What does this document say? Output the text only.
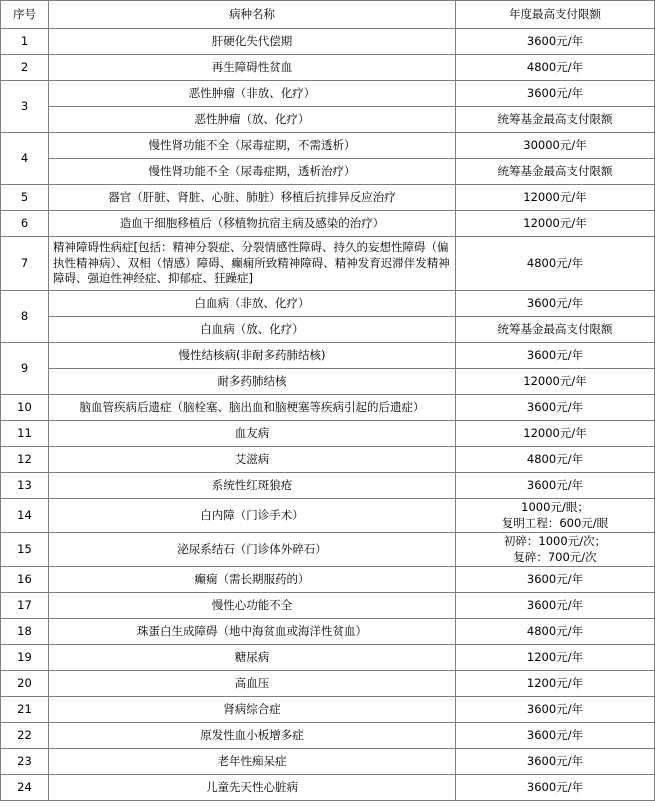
序号	病种名称	年度最高支付限额
1	肝硬化失代偿期	3600元/年
2	再生障碍性贫血	4800元/年
3	恶性肿瘤（非放、化疗）	3600元/年
	恶性肿瘤（放、化疗）	统筹基金最高支付限额
4	慢性肾功能不全（尿毒症期，不需透析）	30000元/年
	慢性肾功能不全（尿毒症期，透析治疗）	统筹基金最高支付限额
5	器官（肝脏、肾脏、心脏、肺脏）移植后抗排异反应治疗	12000元/年
6	造血干细胞移植后（移植物抗宿主病及感染的治疗）	12000元/年
7	精神障碍性病症[包括：精神分裂症、分裂情感性障碍、持久的妄想性障碍（偏执性精神病）、双相（情感）障碍、癫痫所致精神障碍、精神发育迟滞伴发精神障碍、强迫性神经症、抑郁症、狂躁症]	4800元/年
8	白血病（非放、化疗）	3600元/年
	白血病（放、化疗）	统筹基金最高支付限额
9	慢性结核病(非耐多药肺结核)	3600元/年
	耐多药肺结核	12000元/年
10	脑血管疾病后遗症（脑栓塞、脑出血和脑梗塞等疾病引起的后遗症）	3600元/年
11	血友病	12000元/年
12	艾滋病	4800元/年
13	系统性红斑狼疮	3600元/年
14	白内障（门诊手术）	1000元/眼；
复明工程：600元/眼

15	泌尿系结石（门诊体外碎石）	初碎：1000元/次；
复碎：700元/次

16	癫痫（需长期服药的）	3600元/年
17	慢性心功能不全	3600元/年
18	珠蛋白生成障碍（地中海贫血或海洋性贫血）	4800元/年
19	糖尿病	1200元/年
20	高血压	1200元/年
21	肾病综合症	3600元/年
22	原发性血小板增多症	3600元/年
23	老年性痴呆症	3600元/年
24	儿童先天性心脏病	3600元/年
